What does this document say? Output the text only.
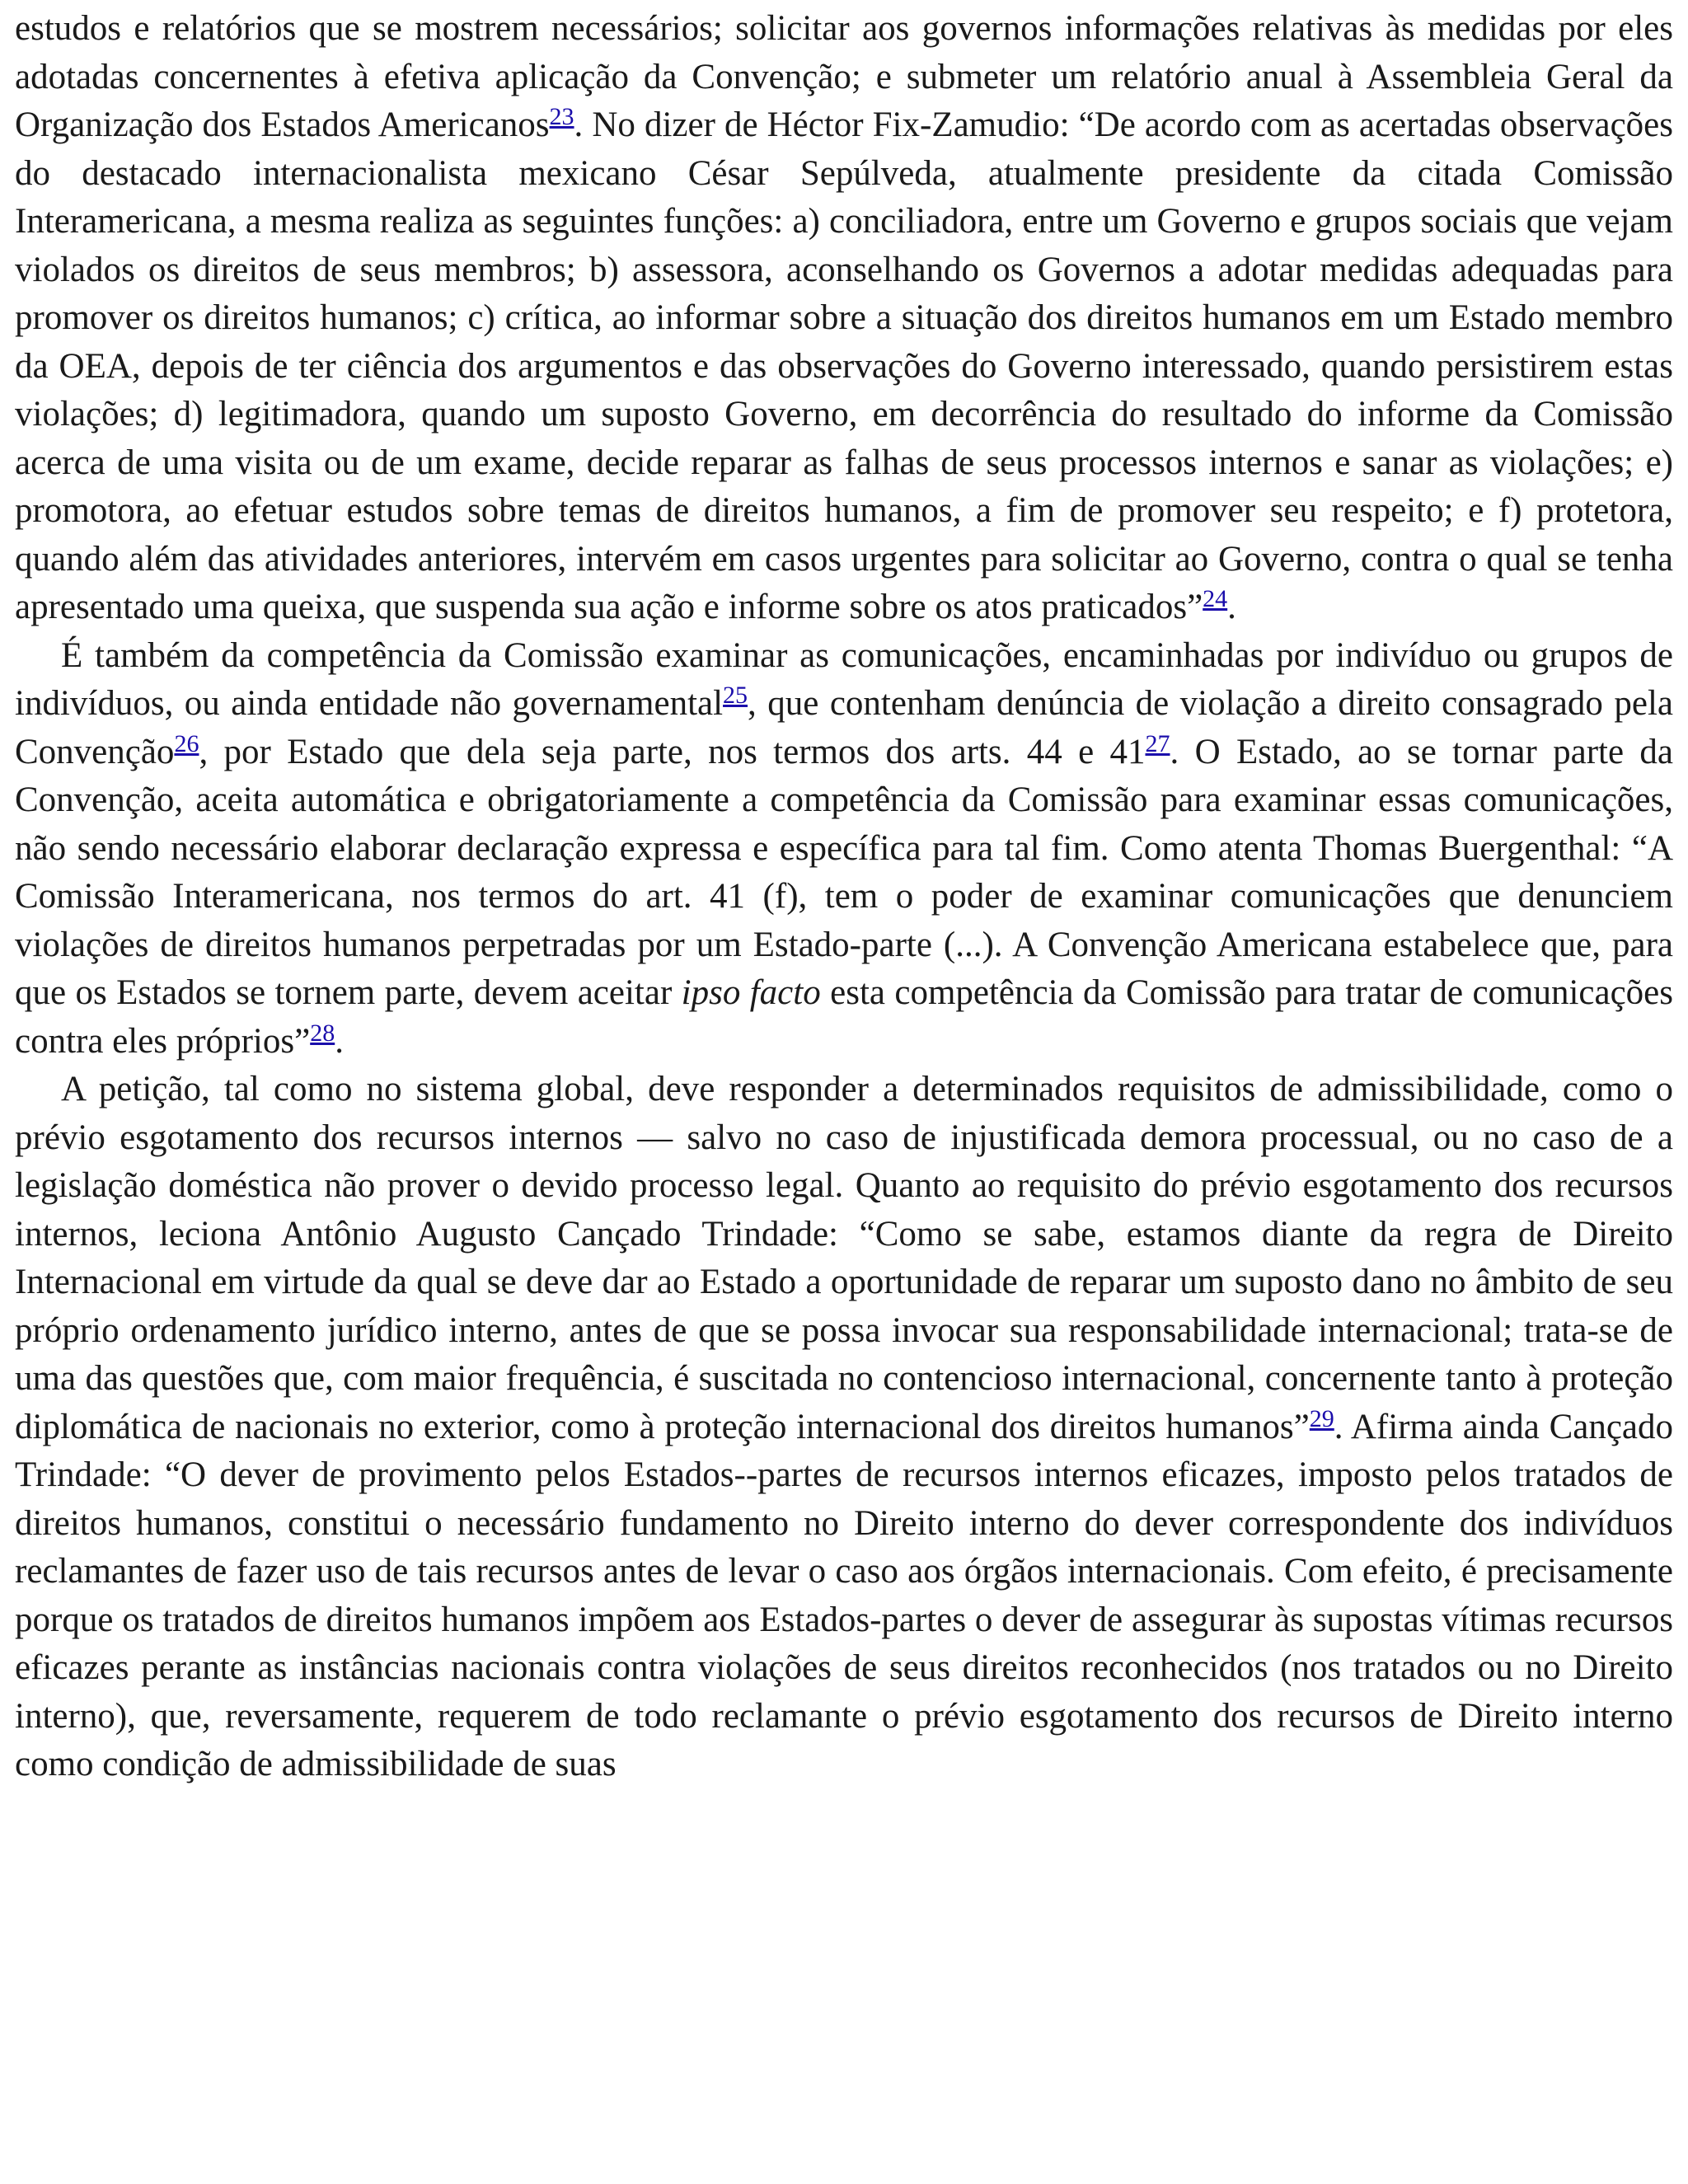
estudos e relatórios que se mostrem necessários; solicitar aos governos informações relativas às medidas por eles adotadas concernentes à efetiva aplicação da Convenção; e submeter um relatório anual à Assembleia Geral da Organização dos Estados Americanos$^{23}$. No dizer de Héctor Fix-Zamudio: “De acordo com as acertadas observações do destacado internacionalista mexicano César Sepúlveda, atualmente presidente da citada Comissão Interamericana, a mesma realiza as seguintes funções: a) conciliadora, entre um Governo e grupos sociais que vejam violados os direitos de seus membros; b) assessora, aconselhando os Governos a adotar medidas adequadas para promover os direitos humanos; c) crítica, ao informar sobre a situação dos direitos humanos em um Estado membro da OEA, depois de ter ciência dos argumentos e das observações do Governo interessado, quando persistirem estas violações; d) legitimadora, quando um suposto Governo, em decorrência do resultado do informe da Comissão acerca de uma visita ou de um exame, decide reparar as falhas de seus processos internos e sanar as violações; e) promotora, ao efetuar estudos sobre temas de direitos humanos, a fim de promover seu respeito; e f) protetora, quando além das atividades anteriores, intervém em casos urgentes para solicitar ao Governo, contra o qual se tenha apresentado uma queixa, que suspenda sua ação e informe sobre os atos praticados”$^{24}$.

É também da competência da Comissão examinar as comunicações, encaminhadas por indivíduo ou grupos de indivíduos, ou ainda entidade não governamental$^{25}$, que contenham denúncia de violação a direito consagrado pela Convenção$^{26}$, por Estado que dela seja parte, nos termos dos arts. 44 e 41$^{27}$. O Estado, ao se tornar parte da Convenção, aceita automática e obrigatoriamente a competência da Comissão para examinar essas comunicações, não sendo necessário elaborar declaração expressa e específica para tal fim. Como atenta Thomas Buergenthal: “A Comissão Interamericana, nos termos do art. 41 (f), tem o poder de examinar comunicações que denunciem violações de direitos humanos perpetradas por um Estado-parte (...). A Convenção Americana estabelece que, para que os Estados se tornem parte, devem aceitar ipso facto esta competência da Comissão para tratar de comunicações contra eles próprios”$^{28}$.

A petição, tal como no sistema global, deve responder a determinados requisitos de admissibilidade, como o prévio esgotamento dos recursos internos — salvo no caso de injustificada demora processual, ou no caso de a legislação doméstica não prover o devido processo legal. Quanto ao requisito do prévio esgotamento dos recursos internos, leciona Antônio Augusto Cançado Trindade: “Como se sabe, estamos diante da regra de Direito Internacional em virtude da qual se deve dar ao Estado a oportunidade de reparar um suposto dano no âmbito de seu próprio ordenamento jurídico interno, antes de que se possa invocar sua responsabilidade internacional; trata-se de uma das questões que, com maior frequência, é suscitada no contencioso internacional, concernente tanto à proteção diplomática de nacionais no exterior, como à proteção internacional dos direitos humanos”$^{29}$. Afirma ainda Cançado Trindade: “O dever de provimento pelos Estados--partes de recursos internos eficazes, imposto pelos tratados de direitos humanos, constitui o necessário fundamento no Direito interno do dever correspondente dos indivíduos reclamantes de fazer uso de tais recursos antes de levar o caso aos órgãos internacionais. Com efeito, é precisamente porque os tratados de direitos humanos impõem aos Estados-partes o dever de assegurar às supostas vítimas recursos eficazes perante as instâncias nacionais contra violações de seus direitos reconhecidos (nos tratados ou no Direito interno), que, reversamente, requerem de todo reclamante o prévio esgotamento dos recursos de Direito interno como condição de admissibilidade de suas
